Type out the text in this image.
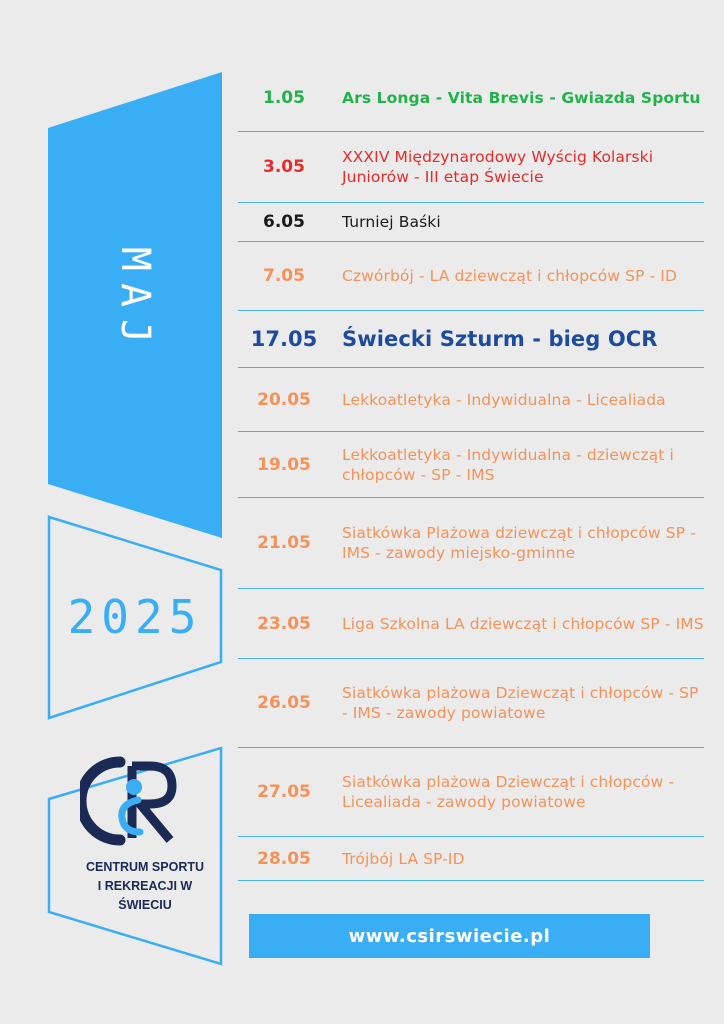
MAJ
2025
CENTRUM SPORTU
I REKREACJI W ŚWIECIU
1.05	Ars Longa - Vita Brevis - Gwiazda Sportu
3.05	XXXIV Międzynarodowy Wyścig Kolarski Juniorów - III etap Świecie
6.05	Turniej Baśki
7.05	Czwórbój - LA dziewcząt i chłopców SP - ID
17.05	Świecki Szturm - bieg OCR
20.05	Lekkoatletyka - Indywidualna - Licealiada
19.05	Lekkoatletyka - Indywidualna - dziewcząt i chłopców - SP - IMS
21.05	Siatkówka Plażowa dziewcząt i chłopców SP - IMS - zawody miejsko-gminne
23.05	Liga Szkolna LA dziewcząt i chłopców SP - IMS
26.05	Siatkówka plażowa Dziewcząt i chłopców - SP - IMS - zawody powiatowe
27.05	Siatkówka plażowa Dziewcząt i chłopców - Licealiada - zawody powiatowe
28.05	Trójbój LA SP-ID
www.csirswiecie.pl
